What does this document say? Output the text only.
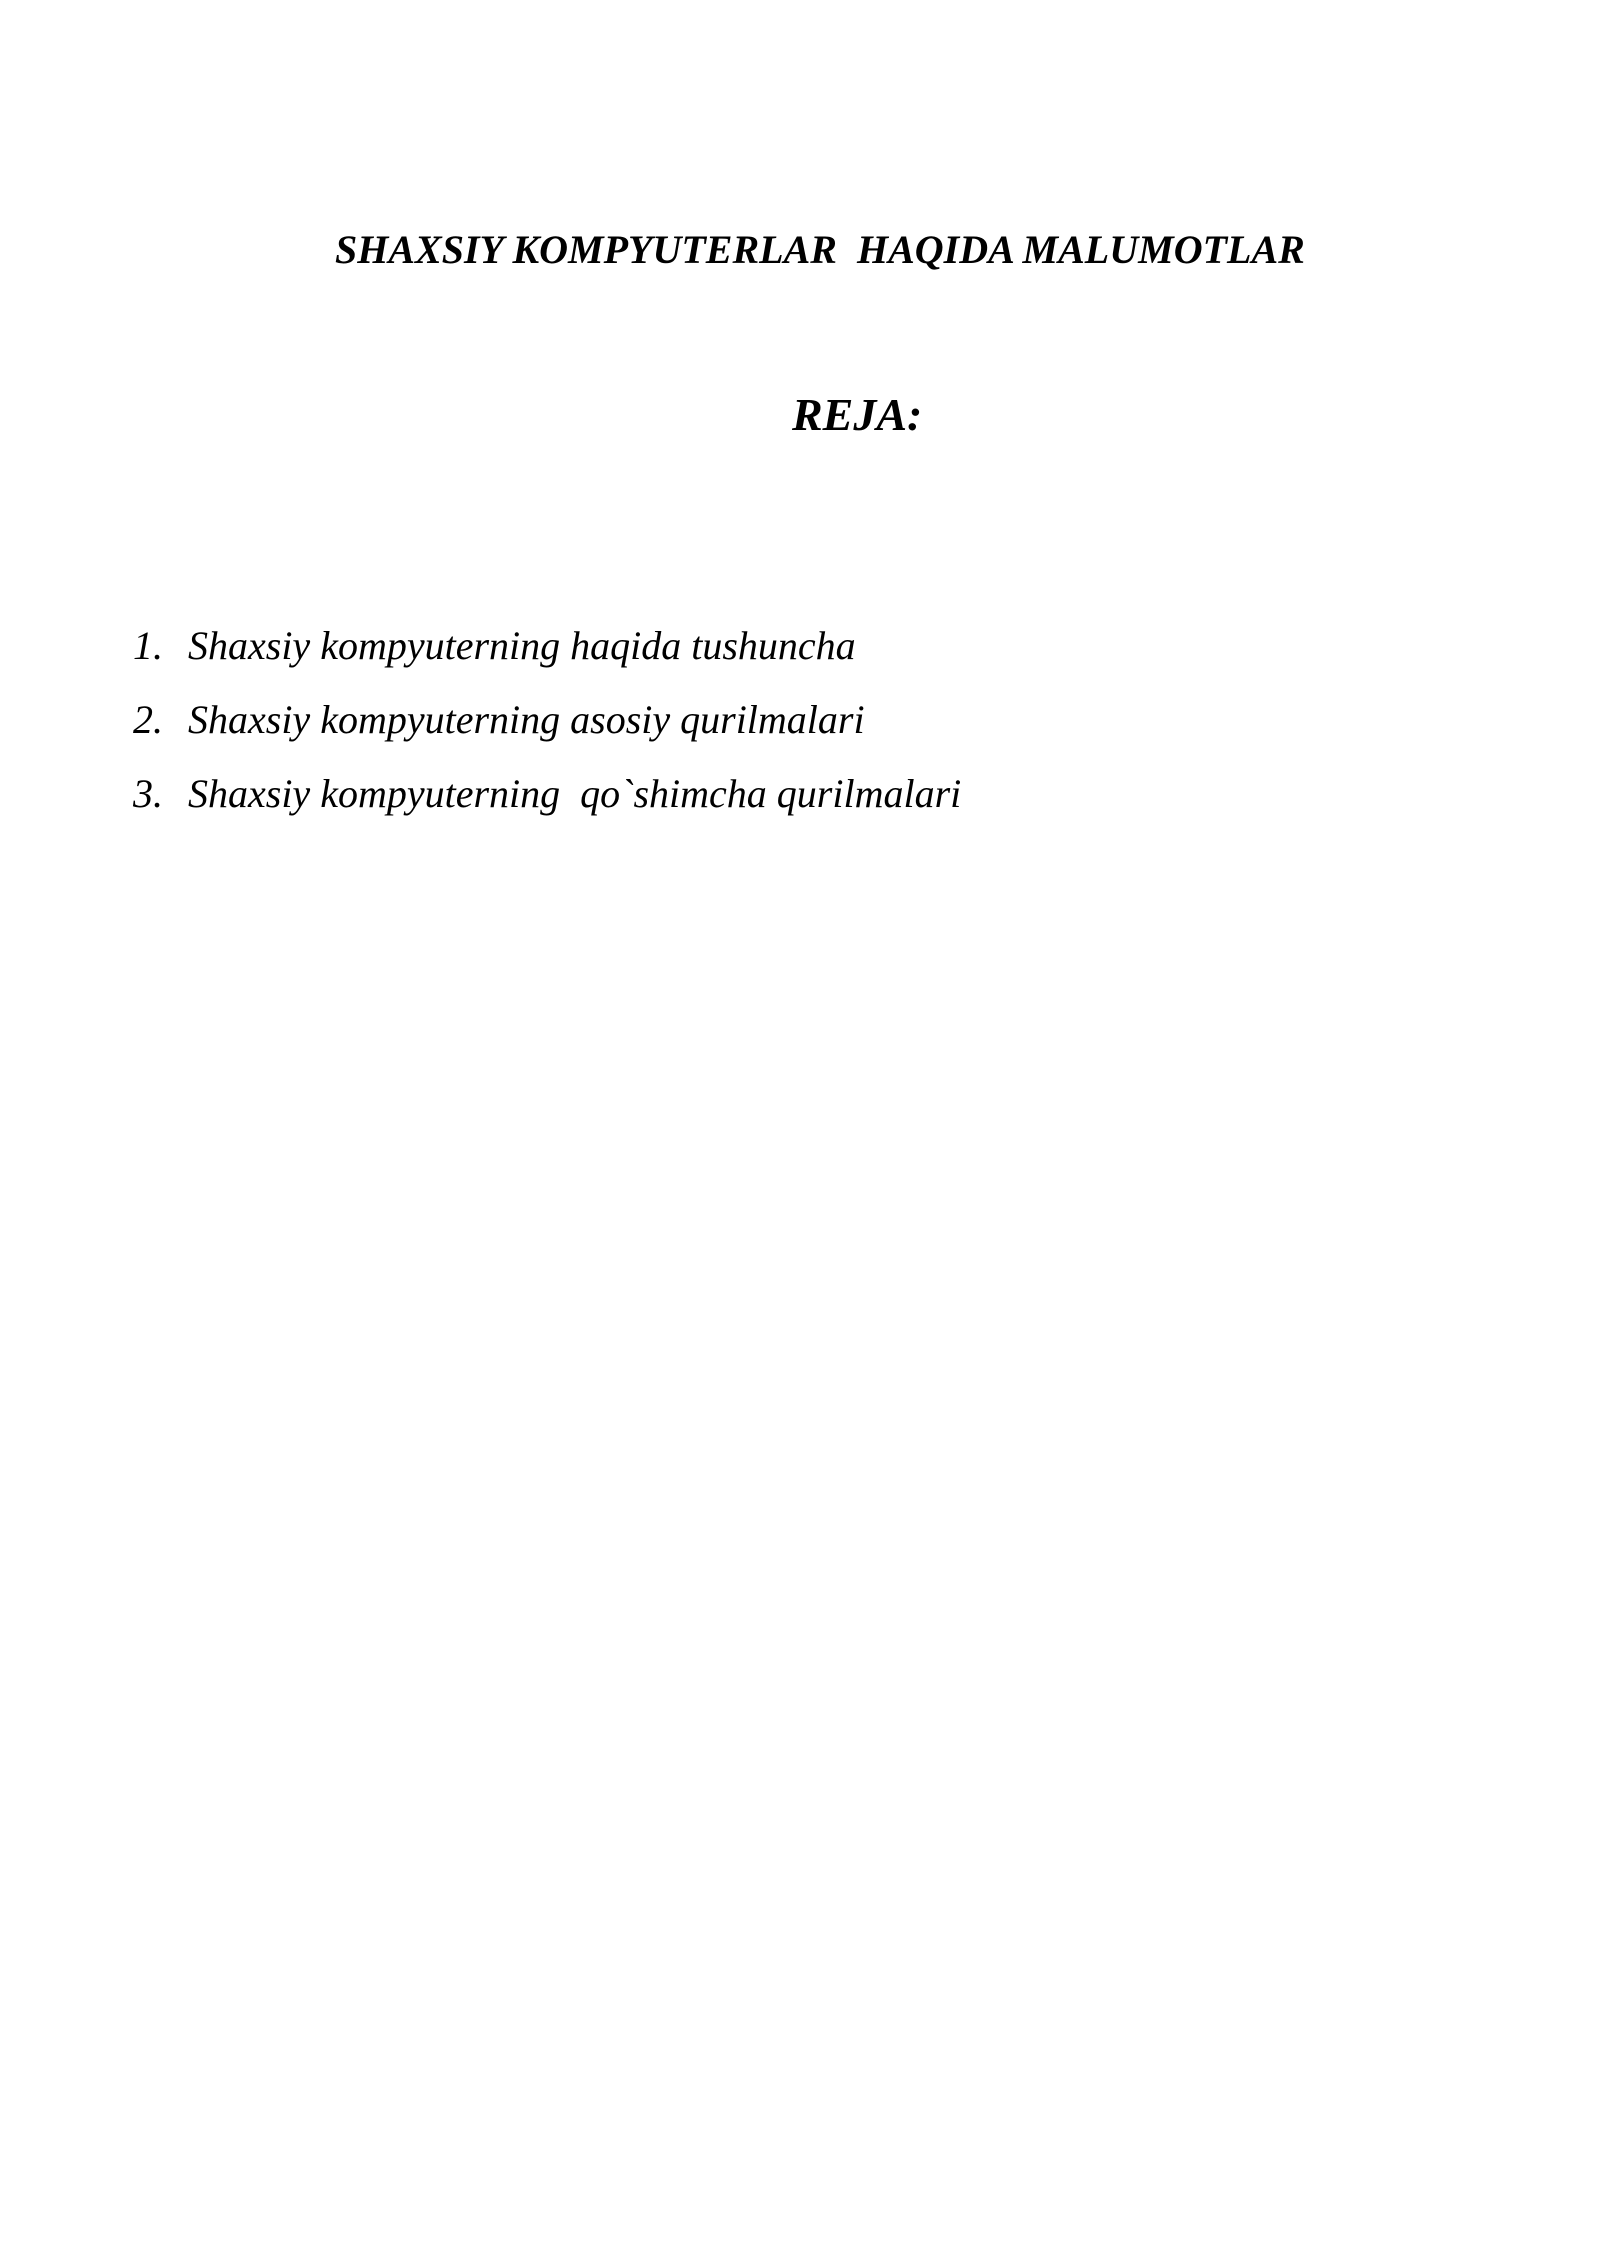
SHAXSIY KOMPYUTERLAR  HAQIDA MALUMOTLAR
REJA:
1. Shaxsiy kompyuterning haqida tushuncha
2. Shaxsiy kompyuterning asosiy qurilmalari
3. Shaxsiy kompyuterning  qo`shimcha qurilmalari
